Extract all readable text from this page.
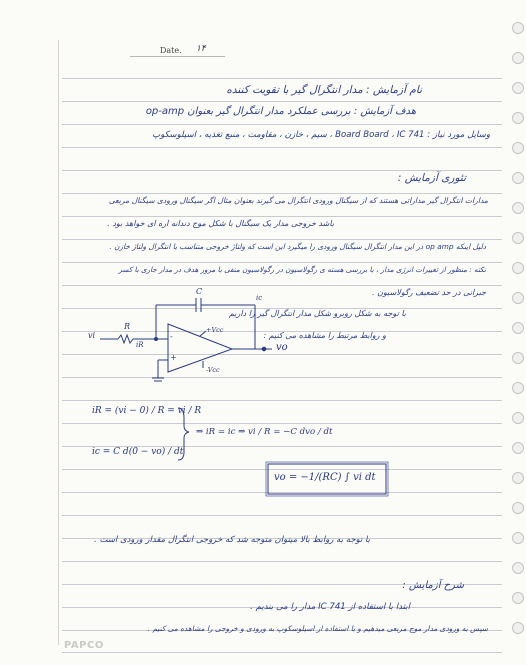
Date. ۱۴
نام آزمایش : مدار انتگرال گیر با تقویت کننده
هدف آزمایش : بررسی عملکرد مدار انتگرال گیر بعنوان op-amp
وسایل مورد نیاز : Board Board ، IC 741 ، سیم ، خازن ، مقاومت ، منبع تغذیه ، اسیلوسکوپ
تئوری آزمایش :
مدارات انتگرال گیر مداراتی هستند که از سیگنال ورودی انتگرال می گیرند بعنوان مثال اگر سیگنال ورودی سیگنال مربعی
باشد خروجی مدار یک سیگنال با شکل موج دندانه اره ای خواهد بود .
دلیل اینکه op amp در این مدار انتگرال سیگنال ورودی را میگیرد این است که ولتاژ خروجی متناسب با انتگرال ولتاژ خازن .
نکته : منظور از تغییرات انرژی مدار ، با بررسی هسته ی رگولاسیون در رگولاسیون منفی با مرور هدف در مدار جاری با کسر
جبرانی در حد تضعیف رگولاسیون .
با توجه به شکل روبرو شکل مدار انتگرال گیر را داریم
و روابط مرتبط را مشاهده می کنیم :
vi
R
iR
C
ic
-
+
+Vcc
-Vcc
vo
iR = (vi − 0) / R = vi / R
ic = C d(0 − vo) / dt
⇒ iR = ic ⇒ vi / R = −C dvo / dt
vo = −1/(RC) ∫ vi dt
با توجه به روابط بالا میتوان متوجه شد که خروجی انتگرال مقدار ورودی است .
شرح آزمایش :
ابتدا با استفاده از IC 741 مدار را می بندیم .
سپس به ورودی مدار موج مربعی میدهیم و با استفاده از اسیلوسکوپ به ورودی و خروجی را مشاهده می کنیم .
PAPCO
